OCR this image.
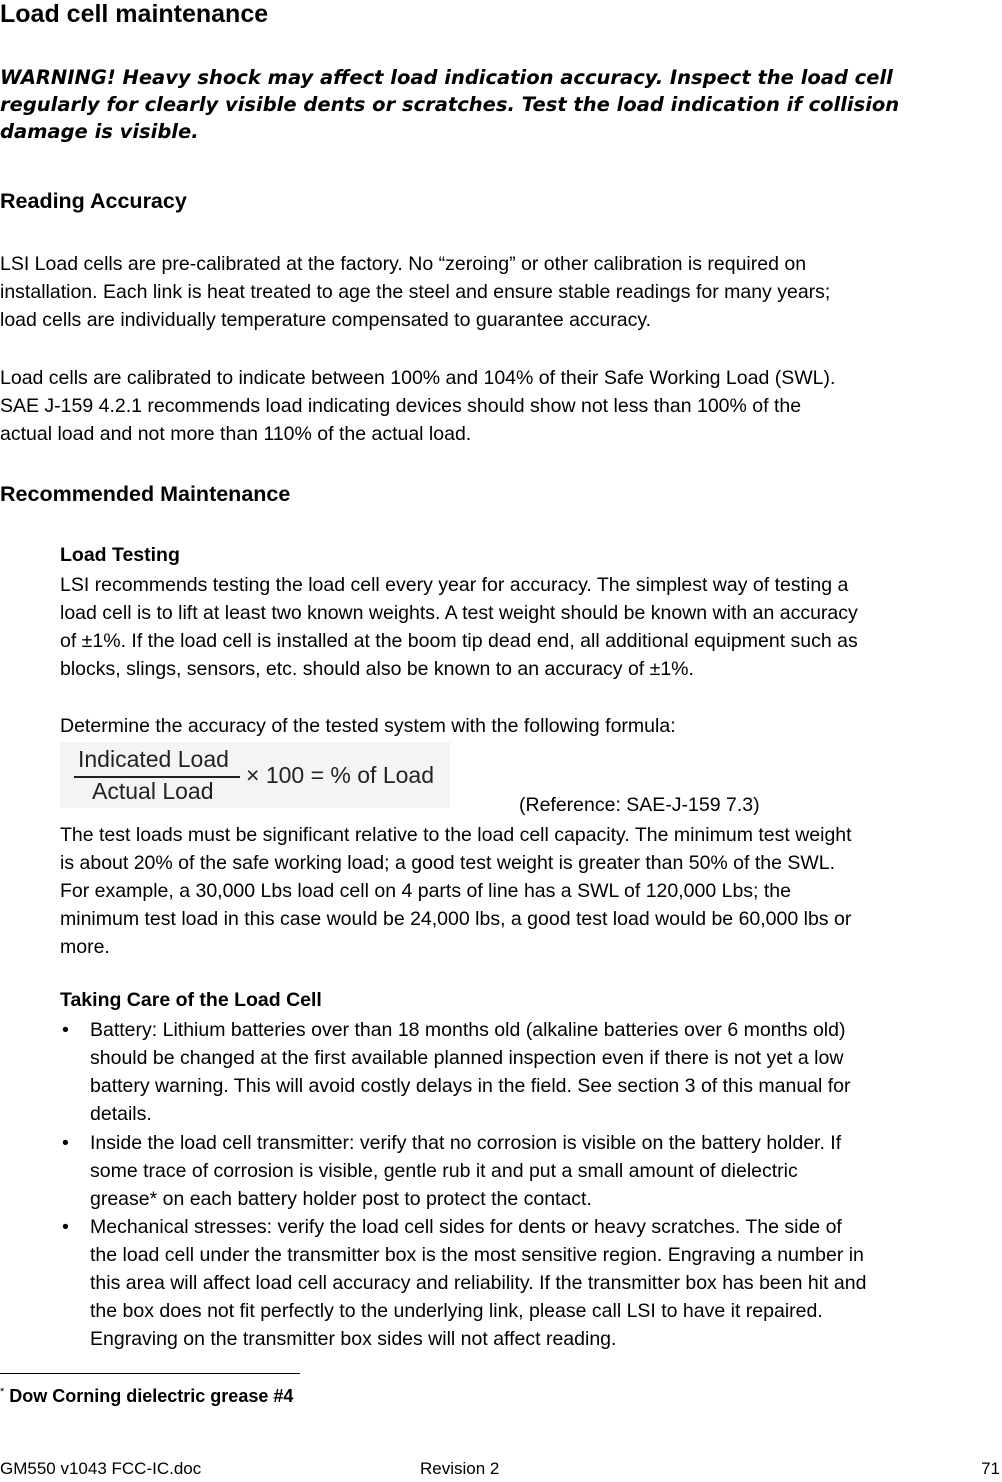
Load cell maintenance
WARNING! Heavy shock may affect load indication accuracy. Inspect the load cell regularly for clearly visible dents or scratches. Test the load indication if collision damage is visible.
Reading Accuracy
LSI Load cells are pre-calibrated at the factory. No “zeroing” or other calibration is required on
installation. Each link is heat treated to age the steel and ensure stable readings for many years;
load cells are individually temperature compensated to guarantee accuracy.
Load cells are calibrated to indicate between 100% and 104% of their Safe Working Load (SWL).
SAE J-159 4.2.1 recommends load indicating devices should show not less than 100% of the
actual load and not more than 110% of the actual load.
Recommended Maintenance
Load Testing
LSI recommends testing the load cell every year for accuracy. The simplest way of testing a
load cell is to lift at least two known weights. A test weight should be known with an accuracy
of ±1%. If the load cell is installed at the boom tip dead end, all additional equipment such as
blocks, slings, sensors, etc. should also be known to an accuracy of ±1%.
Determine the accuracy of the tested system with the following formula:
Indicated Load
Actual Load
× 100 = % of Load
(Reference: SAE-J-159 7.3)
The test loads must be significant relative to the load cell capacity. The minimum test weight
is about 20% of the safe working load; a good test weight is greater than 50% of the SWL.
For example, a 30,000 Lbs load cell on 4 parts of line has a SWL of 120,000 Lbs; the
minimum test load in this case would be 24,000 lbs, a good test load would be 60,000 lbs or
more.
Taking Care of the Load Cell
• Battery: Lithium batteries over than 18 months old (alkaline batteries over 6 months old)
should be changed at the first available planned inspection even if there is not yet a low
battery warning. This will avoid costly delays in the field. See section 3 of this manual for
details.
• Inside the load cell transmitter: verify that no corrosion is visible on the battery holder. If
some trace of corrosion is visible, gentle rub it and put a small amount of dielectric
grease* on each battery holder post to protect the contact.
• Mechanical stresses: verify the load cell sides for dents or heavy scratches. The side of
the load cell under the transmitter box is the most sensitive region. Engraving a number in
this area will affect load cell accuracy and reliability. If the transmitter box has been hit and
the box does not fit perfectly to the underlying link, please call LSI to have it repaired.
Engraving on the transmitter box sides will not affect reading.
* Dow Corning dielectric grease #4
GM550 v1043 FCC-IC.doc	Revision 2	71
